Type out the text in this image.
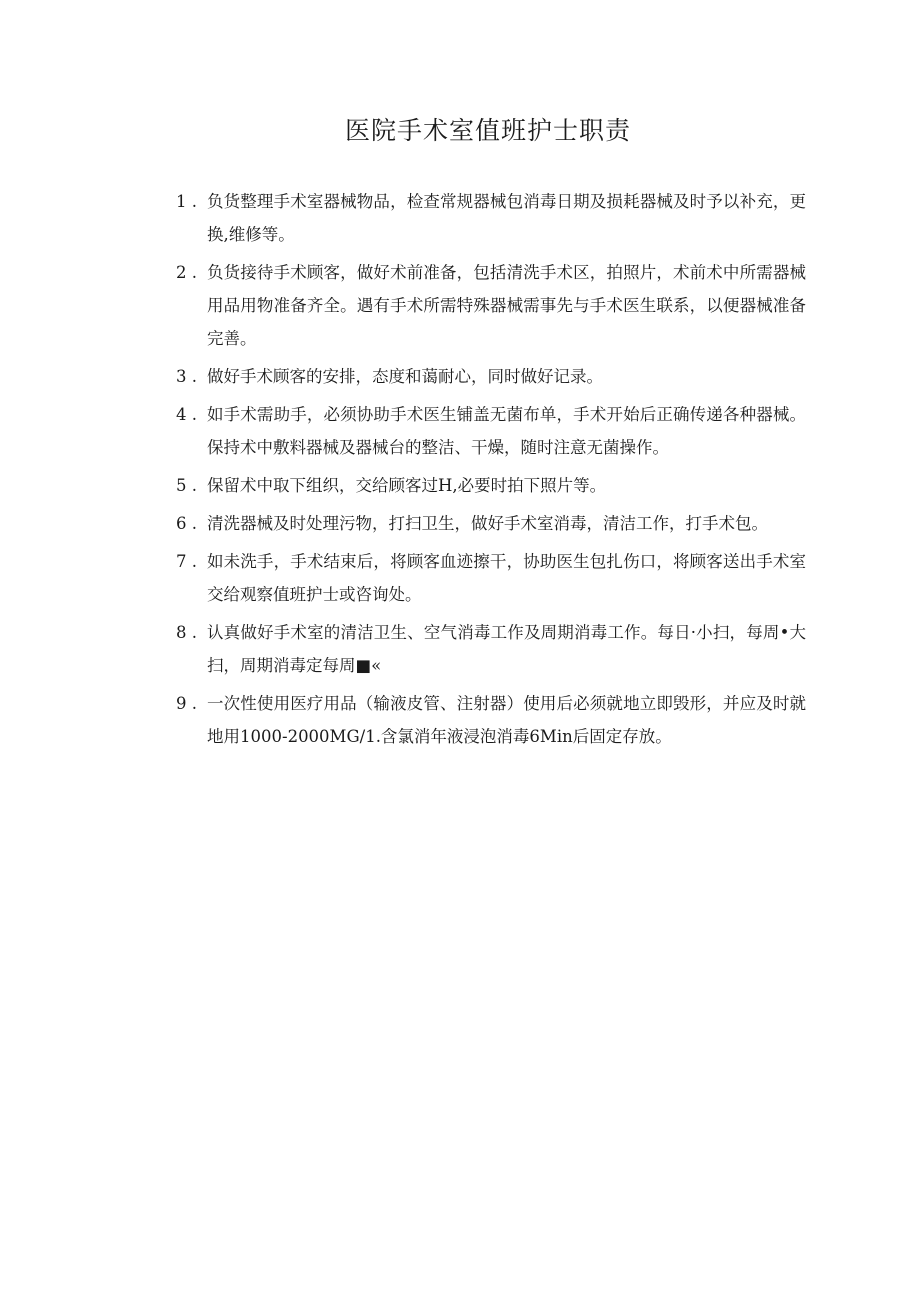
医院手术室值班护士职责
1 . 负货整理手术室器械物品，检查常规器械包消毒日期及损耗器械及时予以补充，更换,维修等。
2 . 负货接待手术顾客，做好术前准备，包括清洗手术区，拍照片，术前术中所需器械用品用物准备齐全。遇有手术所需特殊器械需事先与手术医生联系，以便器械准备完善。
3 . 做好手术顾客的安排，态度和蔼耐心，同时做好记录。
4 . 如手术需助手，必须协助手术医生铺盖无菌布单，手术开始后正确传递各种器械。保持术中敷料器械及器械台的整洁、干燥，随时注意无菌操作。
5 . 保留术中取下组织，交给顾客过H,必要时拍下照片等。
6 . 清洗器械及时处理污物，打扫卫生，做好手术室消毒，清洁工作，打手术包。
7 . 如未洗手，手术结束后，将顾客血迹擦干，协助医生包扎伤口，将顾客送出手术室交给观察值班护士或咨询处。
8 . 认真做好手术室的清洁卫生、空气消毒工作及周期消毒工作。每日·小扫，每周•大扫，周期消毒定每周■«
9 . 一次性使用医疗用品（输液皮管、注射器）使用后必须就地立即毁形，并应及时就地用1000-2000MG/1.含氯消年液浸泡消毒6Min后固定存放。
